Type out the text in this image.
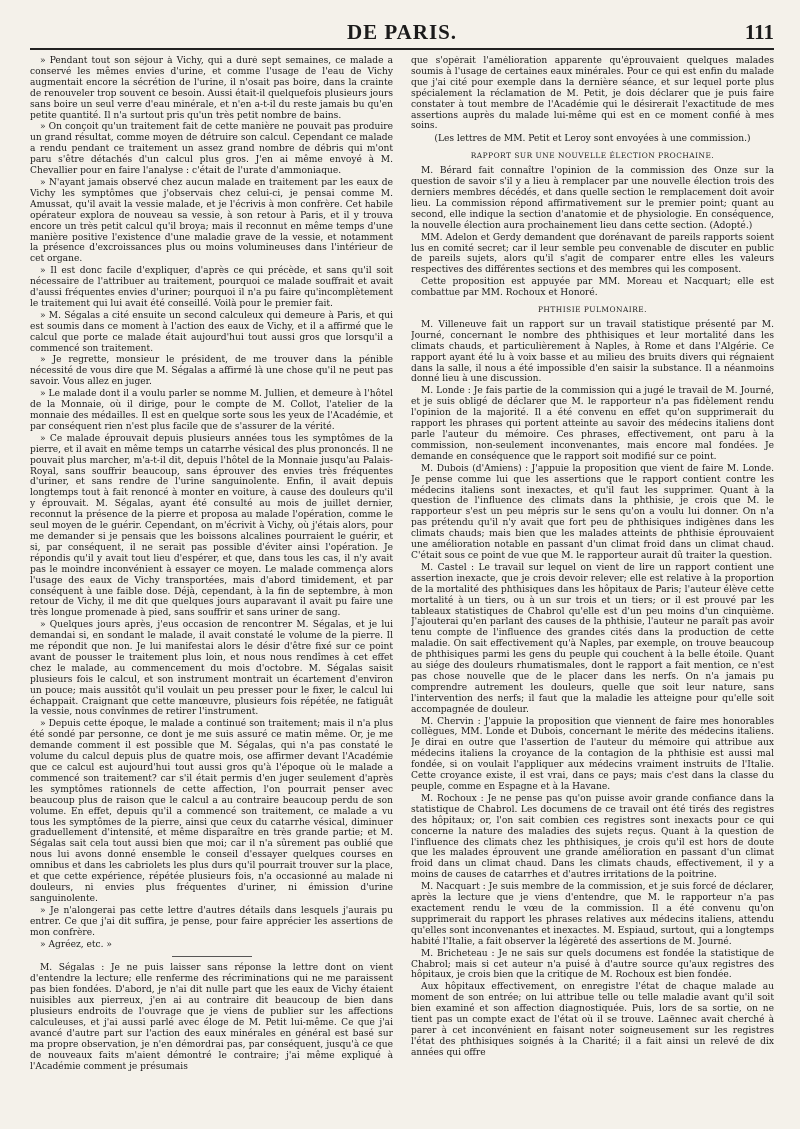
DE PARIS.	111

» Pendant tout son séjour à Vichy, qui a duré sept semaines, ce malade a conservé les mêmes envies d'urine, et comme l'usage de l'eau de Vichy augmentait encore la sécrétion de l'urine, il n'osait pas boire, dans la crainte de renouveler trop souvent ce besoin. Aussi était-il quelquefois plusieurs jours sans boire un seul verre d'eau minérale, et n'en a-t-il du reste jamais bu qu'en petite quantité. Il n'a surtout pris qu'un très petit nombre de bains.

» On conçoit qu'un traitement fait de cette manière ne pouvait pas produire un grand résultat, comme moyen de détruire son calcul. Cependant ce malade a rendu pendant ce traitement un assez grand nombre de débris qui m'ont paru s'être détachés d'un calcul plus gros. J'en ai même envoyé à M. Chevallier pour en faire l'analyse : c'était de l'urate d'ammoniaque.

» N'ayant jamais observé chez aucun malade en traitement par les eaux de Vichy les symptômes que j'observais chez celui-ci, je pensai comme M. Amussat, qu'il avait la vessie malade, et je l'écrivis à mon confrère. Cet habile opérateur explora de nouveau sa vessie, à son retour à Paris, et il y trouva encore un très petit calcul qu'il broya; mais il reconnut en même temps d'une manière positive l'existence d'une maladie grave de la vessie, et notamment la présence d'excroissances plus ou moins volumineuses dans l'intérieur de cet organe.

» Il est donc facile d'expliquer, d'après ce qui précède, et sans qu'il soit nécessaire de l'attribuer au traitement, pourquoi ce malade souffrait et avait d'aussi fréquentes envies d'uriner; pourquoi il n'a pu faire qu'incomplètement le traitement qui lui avait été conseillé. Voilà pour le premier fait.

» M. Ségalas a cité ensuite un second calculeux qui demeure à Paris, et qui est soumis dans ce moment à l'action des eaux de Vichy, et il a affirmé que le calcul que porte ce malade était aujourd'hui tout aussi gros que lorsqu'il a commencé son traitement.

» Je regrette, monsieur le président, de me trouver dans la pénible nécessité de vous dire que M. Ségalas a affirmé là une chose qu'il ne peut pas savoir. Vous allez en juger.

» Le malade dont il a voulu parler se nomme M. Jullien, et demeure à l'hôtel de la Monnaie, où il dirige, pour le compte de M. Collot, l'atelier de la monnaie des médailles. Il est en quelque sorte sous les yeux de l'Académie, et par conséquent rien n'est plus facile que de s'assurer de la vérité.

» Ce malade éprouvait depuis plusieurs années tous les symptômes de la pierre, et il avait en même temps un catarrhe vésical des plus prononcés. Il ne pouvait plus marcher, m'a-t-il dit, depuis l'hôtel de la Monnaie jusqu'au Palais-Royal, sans souffrir beaucoup, sans éprouver des envies très fréquentes d'uriner, et sans rendre de l'urine sanguinolente. Enfin, il avait depuis longtemps tout à fait renoncé à monter en voiture, à cause des douleurs qu'il y éprouvait. M. Ségalas, ayant été consulté au mois de juillet dernier, reconnut la présence de la pierre et proposa au malade l'opération, comme le seul moyen de le guérir. Cependant, on m'écrivit à Vichy, où j'étais alors, pour me demander si je pensais que les boissons alcalines pourraient le guérir, et si, par conséquent, il ne serait pas possible d'éviter ainsi l'opération. Je répondis qu'il y avait tout lieu d'espérer, et que, dans tous les cas, il n'y avait pas le moindre inconvénient à essayer ce moyen. Le malade commença alors l'usage des eaux de Vichy transportées, mais d'abord timidement, et par conséquent à une faible dose. Déjà, cependant, à la fin de septembre, à mon retour de Vichy, il me dit que quelques jours auparavant il avait pu faire une très longue promenade à pied, sans souffrir et sans uriner de sang.

» Quelques jours après, j'eus occasion de rencontrer M. Ségalas, et je lui demandai si, en sondant le malade, il avait constaté le volume de la pierre. Il me répondit que non. Je lui manifestai alors le désir d'être fixé sur ce point avant de pousser le traitement plus loin, et nous nous rendîmes à cet effet chez le malade, au commencement du mois d'octobre. M. Ségalas saisit plusieurs fois le calcul, et son instrument montrait un écartement d'environ un pouce; mais aussitôt qu'il voulait un peu presser pour le fixer, le calcul lui échappait. Craignant que cette manœuvre, plusieurs fois répétée, ne fatiguât la vessie, nous convînmes de retirer l'instrument.

» Depuis cette époque, le malade a continué son traitement; mais il n'a plus été sondé par personne, ce dont je me suis assuré ce matin même. Or, je me demande comment il est possible que M. Ségalas, qui n'a pas constaté le volume du calcul depuis plus de quatre mois, ose affirmer devant l'Académie que ce calcul est aujourd'hui tout aussi gros qu'à l'époque où le malade a commencé son traitement? car s'il était permis d'en juger seulement d'après les symptômes rationnels de cette affection, l'on pourrait penser avec beaucoup plus de raison que le calcul a au contraire beaucoup perdu de son volume. En effet, depuis qu'il a commencé son traitement, ce malade a vu tous les symptômes de la pierre, ainsi que ceux du catarrhe vésical, diminuer graduellement d'intensité, et même disparaître en très grande partie; et M. Ségalas sait cela tout aussi bien que moi; car il n'a sûrement pas oublié que nous lui avons donné ensemble le conseil d'essayer quelques courses en omnibus et dans les cabriolets les plus durs qu'il pourrait trouver sur la place, et que cette expérience, répétée plusieurs fois, n'a occasionné au malade ni douleurs, ni envies plus fréquentes d'uriner, ni émission d'urine sanguinolente.

» Je n'alongerai pas cette lettre d'autres détails dans lesquels j'aurais pu entrer. Ce que j'ai dit suffira, je pense, pour faire apprécier les assertions de mon confrère.

» Agréez, etc. »

M. Ségalas : Je ne puis laisser sans réponse la lettre dont on vient d'entendre la lecture; elle renferme des récriminations qui ne me paraissent pas bien fondées. D'abord, je n'ai dit nulle part que les eaux de Vichy étaient nuisibles aux pierreux, j'en ai au contraire dit beaucoup de bien dans plusieurs endroits de l'ouvrage que je viens de publier sur les affections calculeuses, et j'ai aussi parlé avec éloge de M. Petit lui-même. Ce que j'ai avancé d'autre part sur l'action des eaux minérales en général est basé sur ma propre observation, je n'en démordrai pas, par conséquent, jusqu'à ce que de nouveaux faits m'aient démontré le contraire; j'ai même expliqué à l'Académie comment je présumais

que s'opérait l'amélioration apparente qu'éprouvaient quelques malades soumis à l'usage de certaines eaux minérales. Pour ce qui est enfin du malade que j'ai cité pour exemple dans la dernière séance, et sur lequel porte plus spécialement la réclamation de M. Petit, je dois déclarer que je puis faire constater à tout membre de l'Académie qui le désirerait l'exactitude de mes assertions auprès du malade lui-même qui est en ce moment confié à mes soins.

(Les lettres de MM. Petit et Leroy sont envoyées à une commission.)
RAPPORT SUR UNE NOUVELLE ÉLECTION PROCHAINE.

M. Bérard fait connaître l'opinion de la commission des Onze sur la question de savoir s'il y a lieu à remplacer par une nouvelle élection trois des derniers membres décédés, et dans quelle section le remplacement doit avoir lieu. La commission répond affirmativement sur le premier point; quant au second, elle indique la section d'anatomie et de physiologie. En conséquence, la nouvelle élection aura prochainement lieu dans cette section. (Adopté.)

MM. Adelon et Gerdy demandent que dorénavant de pareils rapports soient lus en comité secret; car il leur semble peu convenable de discuter en public de pareils sujets, alors qu'il s'agit de comparer entre elles les valeurs respectives des différentes sections et des membres qui les composent.

Cette proposition est appuyée par MM. Moreau et Nacquart; elle est combattue par MM. Rochoux et Honoré.

PHTHISIE PULMONAIRE.

M. Villeneuve fait un rapport sur un travail statistique présenté par M. Journé, concernant le nombre des phthisiques et leur mortalité dans les climats chauds, et particulièrement à Naples, à Rome et dans l'Algérie. Ce rapport ayant été lu à voix basse et au milieu des bruits divers qui régnaient dans la salle, il nous a été impossible d'en saisir la substance. Il a néanmoins donné lieu à une discussion.

M. Londe : Je fais partie de la commission qui a jugé le travail de M. Journé, et je suis obligé de déclarer que M. le rapporteur n'a pas fidèlement rendu l'opinion de la majorité. Il a été convenu en effet qu'on supprimerait du rapport les phrases qui portent atteinte au savoir des médecins italiens dont parle l'auteur du mémoire. Ces phrases, effectivement, ont paru à la commission, non-seulement inconvenantes, mais encore mal fondées. Je demande en conséquence que le rapport soit modifié sur ce point.

M. Dubois (d'Amiens) : J'appuie la proposition que vient de faire M. Londe. Je pense comme lui que les assertions que le rapport contient contre les médecins italiens sont inexactes, et qu'il faut les supprimer. Quant à la question de l'influence des climats dans la phthisie, je crois que M. le rapporteur s'est un peu mépris sur le sens qu'on a voulu lui donner. On n'a pas prétendu qu'il n'y avait que fort peu de phthisiques indigènes dans les climats chauds; mais bien que les malades atteints de phthisie éprouvaient une amélioration notable en passant d'un climat froid dans un climat chaud. C'était sous ce point de vue que M. le rapporteur aurait dû traiter la question.

M. Castel : Le travail sur lequel on vient de lire un rapport contient une assertion inexacte, que je crois devoir relever; elle est relative à la proportion de la mortalité des phthisiques dans les hôpitaux de Paris; l'auteur élève cette mortalité à un tiers, ou à un sur trois et un tiers; or il est prouvé par les tableaux statistiques de Chabrol qu'elle est d'un peu moins d'un cinquième. J'ajouterai qu'en parlant des causes de la phthisie, l'auteur ne paraît pas avoir tenu compte de l'influence des grandes cités dans la production de cette maladie. On sait effectivement qu'à Naples, par exemple, on trouve beaucoup de phthisiques parmi les gens du peuple qui couchent à la belle étoile. Quant au siége des douleurs rhumatismales, dont le rapport a fait mention, ce n'est pas chose nouvelle que de le placer dans les nerfs. On n'a jamais pu comprendre autrement les douleurs, quelle que soit leur nature, sans l'intervention des nerfs; il faut que la maladie les atteigne pour qu'elle soit accompagnée de douleur.

M. Chervin : J'appuie la proposition que viennent de faire mes honorables collègues, MM. Londe et Dubois, concernant le mérite des médecins italiens. Je dirai en outre que l'assertion de l'auteur du mémoire qui attribue aux médecins italiens la croyance de la contagion de la phthisie est aussi mal fondée, si on voulait l'appliquer aux médecins vraiment instruits de l'Italie. Cette croyance existe, il est vrai, dans ce pays; mais c'est dans la classe du peuple, comme en Espagne et à la Havane.

M. Rochoux : Je ne pense pas qu'on puisse avoir grande confiance dans la statistique de Chabrol. Les documens de ce travail ont été tirés des registres des hôpitaux; or, l'on sait combien ces registres sont inexacts pour ce qui concerne la nature des maladies des sujets reçus. Quant à la question de l'influence des climats chez les phthisiques, je crois qu'il est hors de doute que les malades éprouvent une grande amélioration en passant d'un climat froid dans un climat chaud. Dans les climats chauds, effectivement, il y a moins de causes de catarrhes et d'autres irritations de la poitrine.

M. Nacquart : Je suis membre de la commission, et je suis forcé de déclarer, après la lecture que je viens d'entendre, que M. le rapporteur n'a pas exactement rendu le vœu de la commission. Il a été convenu qu'on supprimerait du rapport les phrases relatives aux médecins italiens, attendu qu'elles sont inconvenantes et inexactes. M. Espiaud, surtout, qui a longtemps habité l'Italie, a fait observer la légèreté des assertions de M. Journé.

M. Bricheteau : Je ne sais sur quels documens est fondée la statistique de Chabrol; mais si cet auteur n'a puisé à d'autre source qu'aux registres des hôpitaux, je crois bien que la critique de M. Rochoux est bien fondée.

Aux hôpitaux effectivement, on enregistre l'état de chaque malade au moment de son entrée; on lui attribue telle ou telle maladie avant qu'il soit bien examiné et son affection diagnostiquée. Puis, lors de sa sortie, on ne tient pas un compte exact de l'état où il se trouve. Laënnec avait cherché à parer à cet inconvénient en faisant noter soigneusement sur les registres l'état des phthisiques soignés à la Charité; il a fait ainsi un relevé de dix années qui offre
